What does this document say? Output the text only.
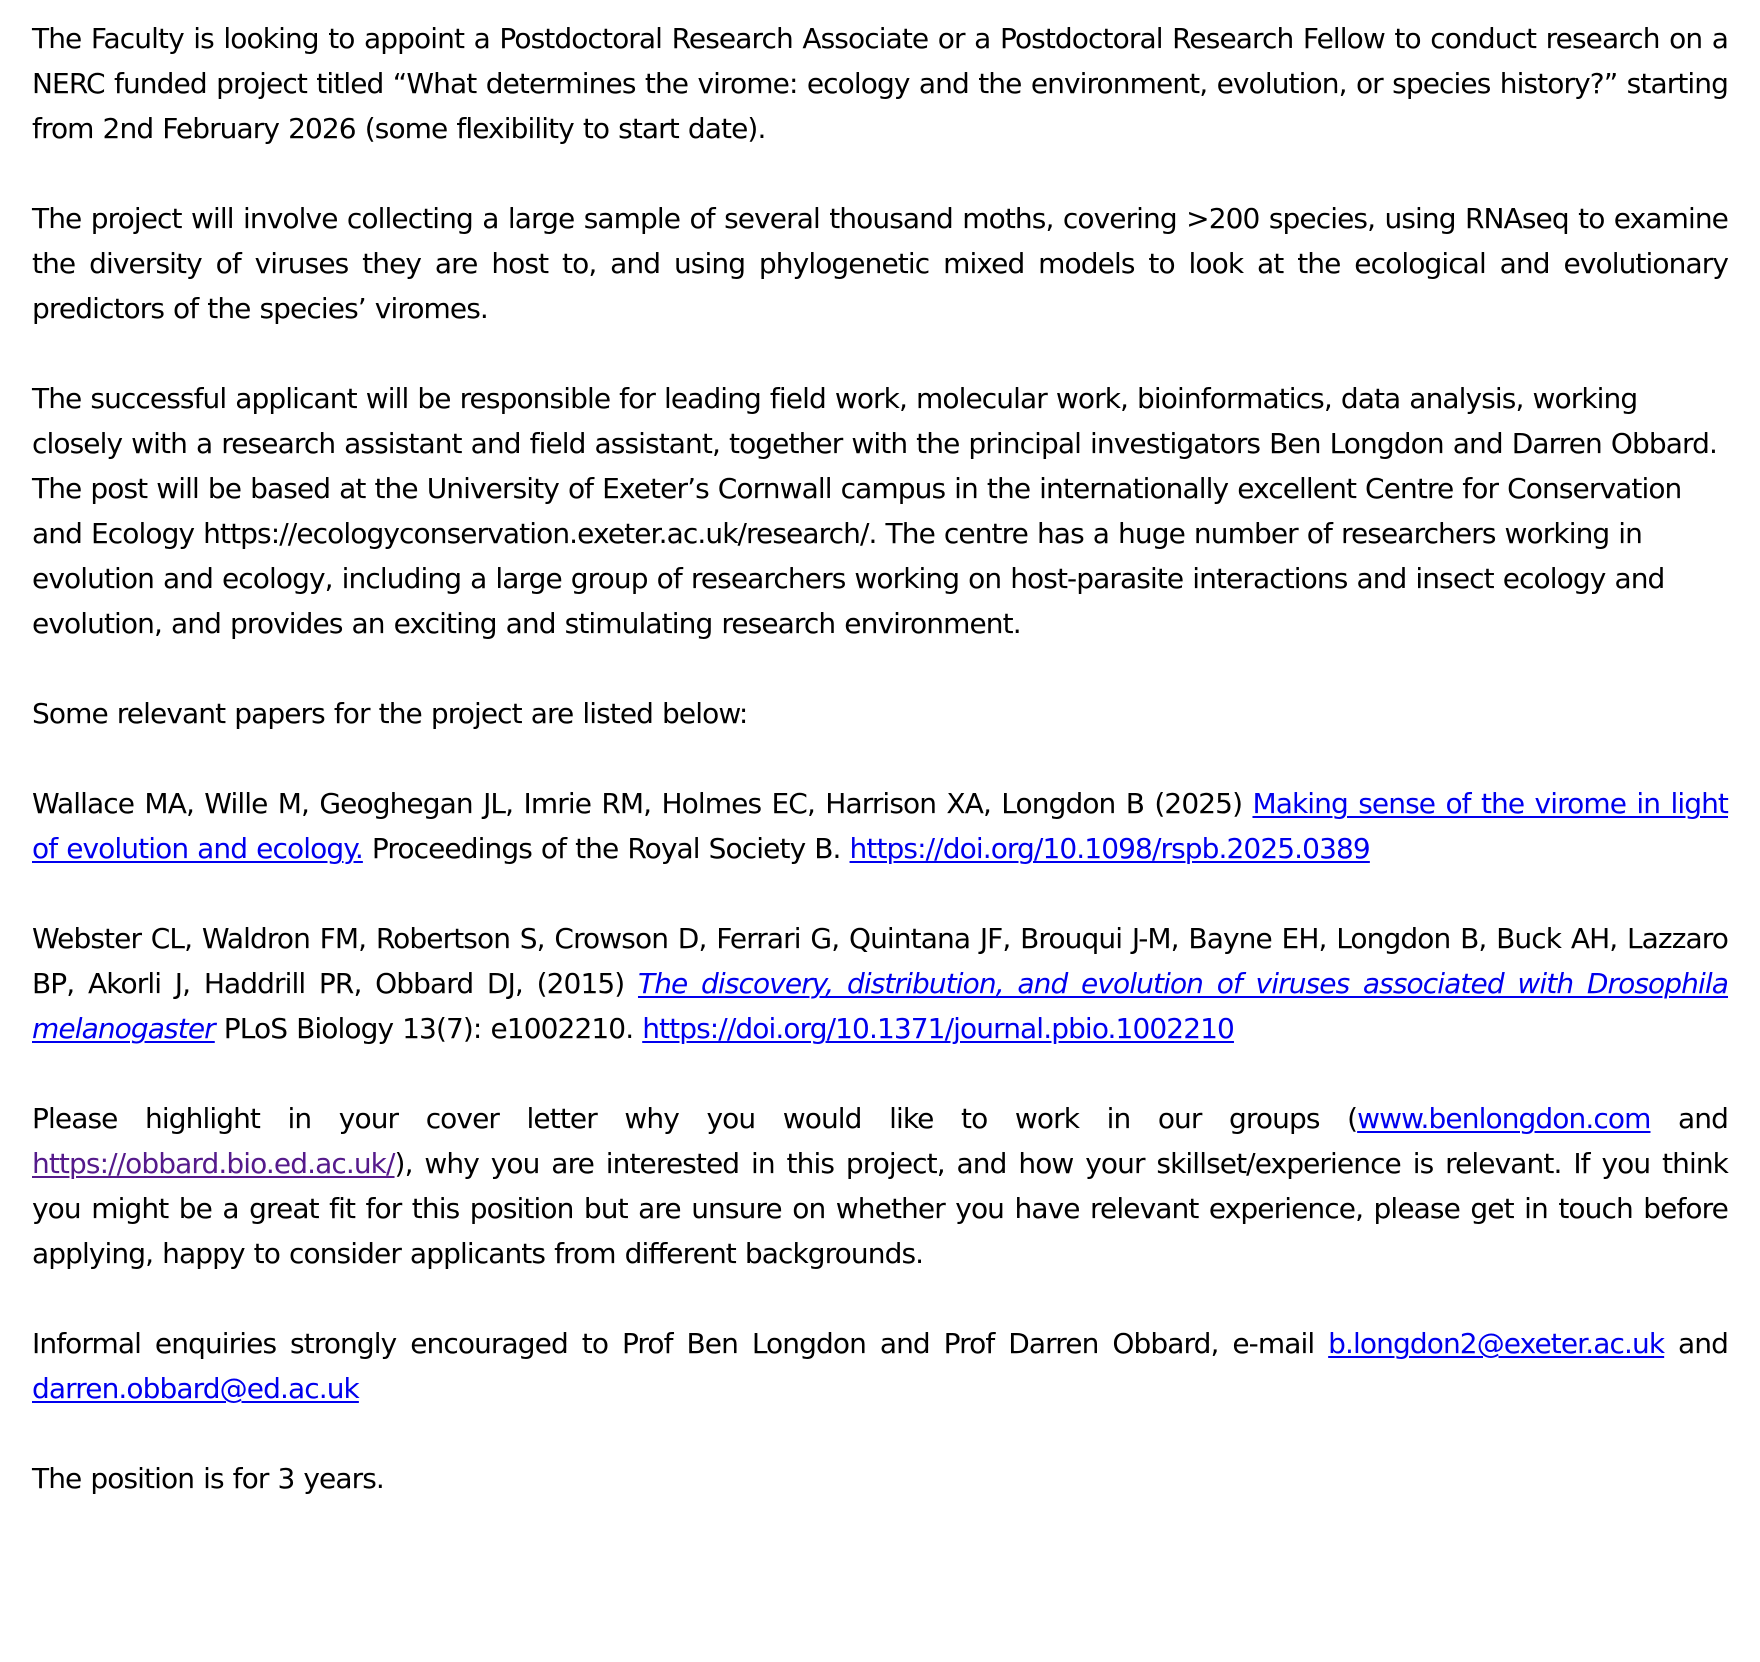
The Faculty is looking to appoint a Postdoctoral Research Associate or a Postdoctoral Research Fellow to conduct research on a NERC funded project titled “What determines the virome: ecology and the environment, evolution, or species history?” starting from 2nd February 2026 (some flexibility to start date).

The project will involve collecting a large sample of several thousand moths, covering >200 species, using RNAseq to examine the diversity of viruses they are host to, and using phylogenetic mixed models to look at the ecological and evolutionary predictors of the species’ viromes.

The successful applicant will be responsible for leading field work, molecular work, bioinformatics, data analysis, working closely with a research assistant and field assistant, together with the principal investigators Ben Longdon and Darren Obbard. The post will be based at the University of Exeter’s Cornwall campus in the internationally excellent Centre for Conservation and Ecology https://ecologyconservation.exeter.ac.uk/research/. The centre has a huge number of researchers working in evolution and ecology, including a large group of researchers working on host-parasite interactions and insect ecology and evolution, and provides an exciting and stimulating research environment.

Some relevant papers for the project are listed below:

Wallace MA, Wille M, Geoghegan JL, Imrie RM, Holmes EC, Harrison XA, Longdon B (2025) Making sense of the virome in light of evolution and ecology. Proceedings of the Royal Society B. https://doi.org/10.1098/rspb.2025.0389

Webster CL, Waldron FM, Robertson S, Crowson D, Ferrari G, Quintana JF, Brouqui J-M, Bayne EH, Longdon B, Buck AH, Lazzaro BP, Akorli J, Haddrill PR, Obbard DJ, (2015) The discovery, distribution, and evolution of viruses associated with Drosophila melanogaster PLoS Biology 13(7): e1002210. https://doi.org/10.1371/journal.pbio.1002210

Please highlight in your cover letter why you would like to work in our groups (www.benlongdon.com and https://obbard.bio.ed.ac.uk/), why you are interested in this project, and how your skillset/experience is relevant. If you think you might be a great fit for this position but are unsure on whether you have relevant experience, please get in touch before applying, happy to consider applicants from different backgrounds.

Informal enquiries strongly encouraged to Prof Ben Longdon and Prof Darren Obbard, e-mail b.longdon2@exeter.ac.uk and darren.obbard@ed.ac.uk

The position is for 3 years.
